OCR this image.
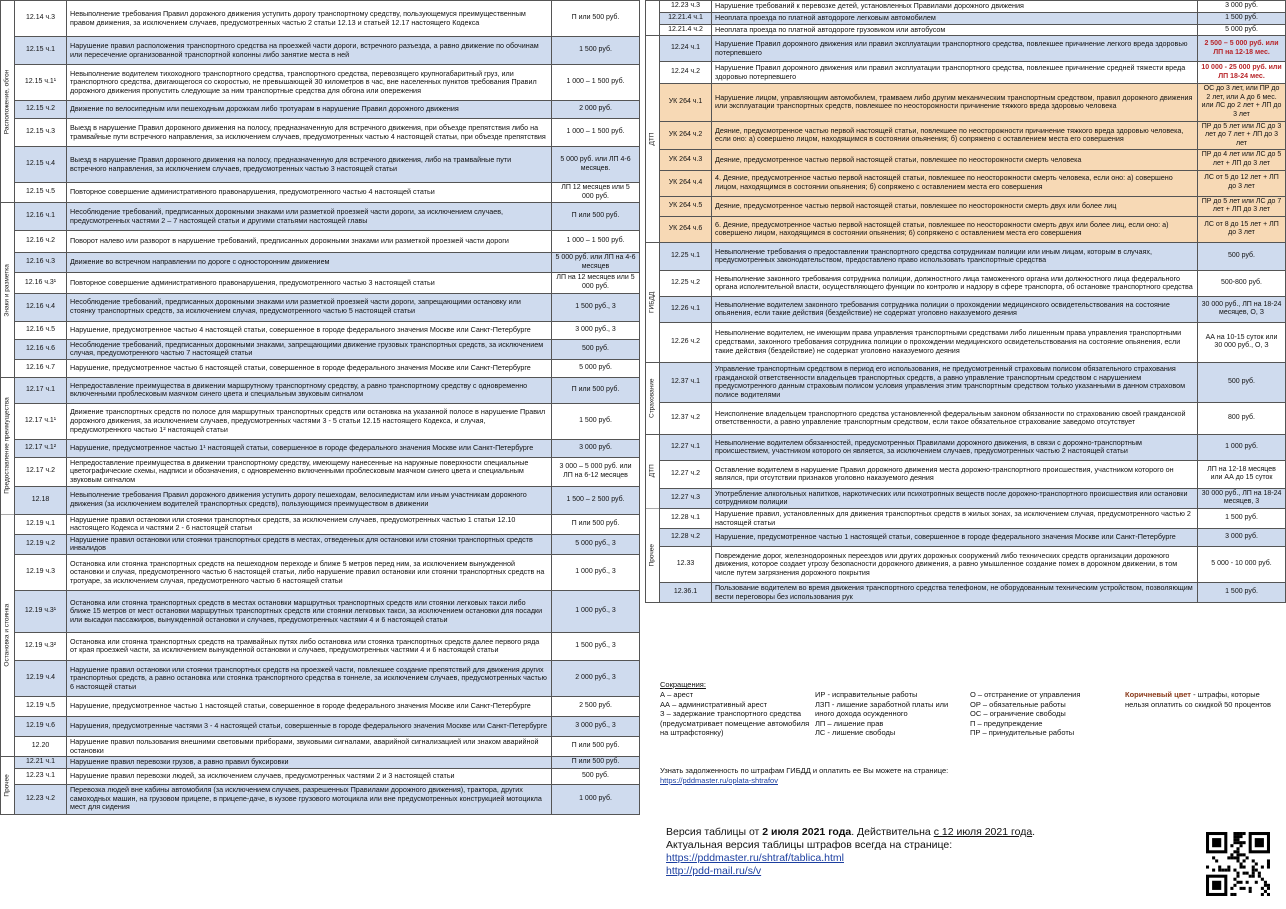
Расположение, обгон	12.14 ч.3	Невыполнение требования Правил дорожного движения уступить дорогу транспортному средству, пользующемуся преимущественным правом движения, за исключением случаев, предусмотренных частью 2 статьи 12.13 и статьей 12.17 настоящего Кодекса	П или 500 руб.
	12.15 ч.1	Нарушение правил расположения транспортного средства на проезжей части дороги, встречного разъезда, а равно движение по обочинам или пересечение организованной транспортной колонны либо занятие места в ней	1 500 руб.
	12.15 ч.1¹	Невыполнение водителем тихоходного транспортного средства, транспортного средства, перевозящего крупногабаритный груз, или транспортного средства, двигающегося со скоростью, не превышающей 30 километров в час, вне населенных пунктов требования Правил дорожного движения пропустить следующие за ним транспортные средства для обгона или опережения	1 000 – 1 500 руб.
	12.15 ч.2	Движение по велосипедным или пешеходным дорожкам либо тротуарам в нарушение Правил дорожного движения	2 000 руб.
	12.15 ч.3	Выезд в нарушение Правил дорожного движения на полосу, предназначенную для встречного движения, при объезде препятствия либо на трамвайные пути встречного направления, за исключением случаев, предусмотренных частью 4 настоящей статьи, при объезде препятствия	1 000 – 1 500 руб.
	12.15 ч.4	Выезд в нарушение Правил дорожного движения на полосу, предназначенную для встречного движения, либо на трамвайные пути встречного направления, за исключением случаев, предусмотренных частью 3 настоящей статьи	5 000 руб. или ЛП 4-6 месяцев.
	12.15 ч.5	Повторное совершение административного правонарушения, предусмотренного частью 4 настоящей статьи	ЛП 12 месяцев или 5 000 руб.
Знаки и разметка	12.16 ч.1	Несоблюдение требований, предписанных дорожными знаками или разметкой проезжей части дороги, за исключением случаев, предусмотренных частями 2 – 7 настоящей статьи и другими статьями настоящей главы	П или 500 руб.
	12.16 ч.2	Поворот налево или разворот в нарушение требований, предписанных дорожными знаками или разметкой проезжей части дороги	1 000 – 1 500 руб.
	12.16 ч.3	Движение во встречном направлении по дороге с односторонним движением	5 000 руб. или ЛП на 4-6 месяцев
	12.16 ч.3¹	Повторное совершение административного правонарушения, предусмотренного частью 3 настоящей статьи	ЛП на 12 месяцев или 5 000 руб.
	12.16 ч.4	Несоблюдение требований, предписанных дорожными знаками или разметкой проезжей части дороги, запрещающими остановку или стоянку транспортных средств, за исключением случая, предусмотренного частью 5 настоящей статьи	1 500 руб., 3
	12.16 ч.5	Нарушение, предусмотренное частью 4 настоящей статьи, совершенное в городе федерального значения Москве или Санкт-Петербурге	3 000 руб., 3
	12.16 ч.6	Несоблюдение требований, предписанных дорожными знаками, запрещающими движение грузовых транспортных средств, за исключением случая, предусмотренного частью 7 настоящей статьи	500 руб.
	12.16 ч.7	Нарушение, предусмотренное частью 6 настоящей статьи, совершенное в городе федерального значения Москве или Санкт-Петербурге	5 000 руб.
Предоставление преимущества	12.17 ч.1	Непредоставление преимущества в движении маршрутному транспортному средству, а равно транспортному средству с одновременно включенными проблесковым маячком синего цвета и специальным звуковым сигналом	П или 500 руб.
	12.17 ч.1¹	Движение транспортных средств по полосе для маршрутных транспортных средств или остановка на указанной полосе в нарушение Правил дорожного движения, за исключением случаев, предусмотренных частями 3 - 5 статьи 12.15 настоящего Кодекса, и случая, предусмотренного частью 1² настоящей статьи	1 500 руб.
	12.17 ч.1²	Нарушение, предусмотренное частью 1¹ настоящей статьи, совершенное в городе федерального значения Москве или Санкт-Петербурге	3 000 руб.
	12.17 ч.2	Непредоставление преимущества в движении транспортному средству, имеющему нанесенные на наружные поверхности специальные цветографические схемы, надписи и обозначения, с одновременно включенными проблесковым маячком синего цвета и специальным звуковым сигналом	3 000 – 5 000 руб. или ЛП на 6-12 месяцев
	12.18	Невыполнение требования Правил дорожного движения уступить дорогу пешеходам, велосипедистам или иным участникам дорожного движения (за исключением водителей транспортных средств), пользующимся преимуществом в движении	1 500 – 2 500 руб.
Остановка и стоянка	12.19 ч.1	Нарушение правил остановки или стоянки транспортных средств, за исключением случаев, предусмотренных частью 1 статьи 12.10 настоящего Кодекса и частями 2 - 6 настоящей статьи	П или 500 руб.
	12.19 ч.2	Нарушение правил остановки или стоянки транспортных средств в местах, отведенных для остановки или стоянки транспортных средств инвалидов	5 000 руб., 3
	12.19 ч.3	Остановка или стоянка транспортных средств на пешеходном переходе и ближе 5 метров перед ним, за исключением вынужденной остановки и случая, предусмотренного частью 6 настоящей статьи, либо нарушение правил остановки или стоянки транспортных средств на тротуаре, за исключением случая, предусмотренного частью 6 настоящей статьи	1 000 руб., 3
	12.19 ч.3¹	Остановка или стоянка транспортных средств в местах остановки маршрутных транспортных средств или стоянки легковых такси либо ближе 15 метров от мест остановки маршрутных транспортных средств или стоянки легковых такси, за исключением остановки для посадки или высадки пассажиров, вынужденной остановки и случаев, предусмотренных частями 4 и 6 настоящей статьи	1 000 руб., 3
	12.19 ч.3²	Остановка или стоянка транспортных средств на трамвайных путях либо остановка или стоянка транспортных средств далее первого ряда от края проезжей части, за исключением вынужденной остановки и случаев, предусмотренных частями 4 и 6 настоящей статьи	1 500 руб., 3
	12.19 ч.4	Нарушение правил остановки или стоянки транспортных средств на проезжей части, повлекшее создание препятствий для движения других транспортных средств, а равно остановка или стоянка транспортного средства в тоннеле, за исключением случаев, предусмотренных частью 6 настоящей статьи	2 000 руб., 3
	12.19 ч.5	Нарушение, предусмотренное частью 1 настоящей статьи, совершенное в городе федерального значения Москве или Санкт-Петербурге	2 500 руб.
	12.19 ч.6	Нарушения, предусмотренные частями 3 - 4 настоящей статьи, совершенные в городе федерального значения Москве или Санкт-Петербурге	3 000 руб., 3
	12.20	Нарушение правил пользования внешними световыми приборами, звуковыми сигналами, аварийной сигнализацией или знаком аварийной остановки	П или 500 руб.
Прочее	12.21 ч.1	Нарушение правил перевозки грузов, а равно правил буксировки	П или 500 руб.
	12.23 ч.1	Нарушение правил перевозки людей, за исключением случаев, предусмотренных частями 2 и 3 настоящей статьи	500 руб.
	12.23 ч.2	Перевозка людей вне кабины автомобиля (за исключением случаев, разрешенных Правилами дорожного движения), трактора, других самоходных машин, на грузовом прицепе, в прицепе-даче, в кузове грузового мотоцикла или вне предусмотренных конструкцией мотоцикла мест для сидения	1 000 руб.
	12.23 ч.3	Нарушение требований к перевозке детей, установленных Правилами дорожного движения	3 000 руб.
	12.21.4 ч.1	Неоплата проезда по платной автодороге легковым автомобилем	1 500 руб.
	12.21.4 ч.2	Неоплата проезда по платной автодороге грузовиком или автобусом	5 000 руб.
ДТП	12.24 ч.1	Нарушение Правил дорожного движения или правил эксплуатации транспортного средства, повлекшее причинение легкого вреда здоровью потерпевшего	2 500 – 5 000 руб. или ЛП на 12-18 мес.
	12.24 ч.2	Нарушение Правил дорожного движения или правил эксплуатации транспортного средства, повлекшее причинение средней тяжести вреда здоровью потерпевшего	10 000 - 25 000 руб. или ЛП 18-24 мес.
	УК 264 ч.1	Нарушение лицом, управляющим автомобилем, трамваем либо другим механическим транспортным средством, правил дорожного движения или эксплуатации транспортных средств, повлекшее по неосторожности причинение тяжкого вреда здоровью человека	ОС до 3 лет, или ПР до 2 лет, или А до 6 мес. или ЛС до 2 лет + ЛП до 3 лет
	УК 264 ч.2	Деяние, предусмотренное частью первой настоящей статьи, повлекшее по неосторожности причинение тяжкого вреда здоровью человека, если оно: а) совершено лицом, находящимся в состоянии опьянения; б) сопряжено с оставлением места его совершения	ПР до 5 лет или ЛС до 3 лет до 7 лет + ЛП до 3 лет
	УК 264 ч.3	Деяние, предусмотренное частью первой настоящей статьи, повлекшее по неосторожности смерть человека	ПР до 4 лет или ЛС до 5 лет + ЛП до 3 лет
	УК 264 ч.4	4. Деяние, предусмотренное частью первой настоящей статьи, повлекшее по неосторожности смерть человека, если оно: а) совершено лицом, находящимся в состоянии опьянения; б) сопряжено с оставлением места его совершения	ЛС от 5 до 12 лет + ЛП до 3 лет
	УК 264 ч.5	Деяние, предусмотренное частью первой настоящей статьи, повлекшее по неосторожности смерть двух или более лиц	ПР до 5 лет или ЛС до 7 лет + ЛП до 3 лет
	УК 264 ч.6	6. Деяние, предусмотренное частью первой настоящей статьи, повлекшее по неосторожности смерть двух или более лиц, если оно: а) совершено лицом, находящимся в состоянии опьянения; 6) сопряжено с оставлением места его совершения	ЛС от 8 до 15 лет + ЛП до 3 лет
ГИБДД	12.25 ч.1	Невыполнение требования о предоставлении транспортного средства сотрудникам полиции или иным лицам, которым в случаях, предусмотренных законодательством, предоставлено право использовать транспортные средства	500 руб.
	12.25 ч.2	Невыполнение законного требования сотрудника полиции, должностного лица таможенного органа или должностного лица федерального органа исполнительной власти, осуществляющего функции по контролю и надзору в сфере транспорта, об остановке транспортного средства	500-800 руб.
	12.26 ч.1	Невыполнение водителем законного требования сотрудника полиции о прохождении медицинского освидетельствования на состояние опьянения, если такие действия (бездействие) не содержат уголовно наказуемого деяния	30 000 руб., ЛП на 18-24 месяцев, О, З
	12.26 ч.2	Невыполнение водителем, не имеющим права управления транспортными средствами либо лишенным права управления транспортными средствами, законного требования сотрудника полиции о прохождении медицинского освидетельствования на состояние опьянения, если такие действия (бездействие) не содержат уголовно наказуемого деяния	АА на 10-15 суток или 30 000 руб., О, З
Страхование	12.37 ч.1	Управление транспортным средством в период его использования, не предусмотренный страховым полисом обязательного страхования гражданской ответственности владельцев транспортных средств, а равно управление транспортным средством с нарушением предусмотренного данным страховым полисом условия управления этим транспортным средством только указанными в данном страховом полисе водителями	500 руб.
	12.37 ч.2	Неисполнение владельцем транспортного средства установленной федеральным законом обязанности по страхованию своей гражданской ответственности, а равно управление транспортным средством, если такое обязательное страхование заведомо отсутствует	800 руб.
ДТП	12.27 ч.1	Невыполнение водителем обязанностей, предусмотренных Правилами дорожного движения, в связи с дорожно-транспортным происшествием, участником которого он является, за исключением случаев, предусмотренных частью 2 настоящей статьи	1 000 руб.
	12.27 ч.2	Оставление водителем в нарушение Правил дорожного движения места дорожно-транспортного происшествия, участником которого он являлся, при отсутствии признаков уголовно наказуемого деяния	ЛП на 12-18 месяцев или АА до 15 суток
	12.27 ч.3	Употребление алкогольных напитков, наркотических или психотропных веществ после дорожно-транспортного происшествия или остановки сотрудником полиции	30 000 руб., ЛП на 18-24 месяцев, 3
Прочее	12.28 ч.1	Нарушение правил, установленных для движения транспортных средств в жилых зонах, за исключением случая, предусмотренного частью 2 настоящей статьи	1 500 руб.
	12.28 ч.2	Нарушение, предусмотренное частью 1 настоящей статьи, совершенное в городе федерального значения Москве или Санкт-Петербурге	3 000 руб.
	12.33	Повреждение дорог, железнодорожных переездов или других дорожных сооружений либо технических средств организации дорожного движения, которое создает угрозу безопасности дорожного движения, а равно умышленное создание помех в дорожном движении, в том числе путем загрязнения дорожного покрытия	5 000 - 10 000 руб.
	12.36.1	Пользование водителем во время движения транспортного средства телефоном, не оборудованным техническим устройством, позволяющим вести переговоры без использования рук	1 500 руб.
Сокращения:
А – арест
АА – административный арест
З – задержание транспортного средства (предусматривает помещение автомобиля на штрафстоянку)
ИР - исправительные работы
ЛЗП - лишение заработной платы или иного дохода осужденного
ЛП – лишение прав
ЛС - лишение свободы
О – отстранение от управления
ОР – обязательные работы
ОС – ограничение свободы
П – предупреждение
ПР – принудительные работы
Коричневый цвет - штрафы, которые нельзя оплатить со скидкой 50 процентов
Узнать задолженность по штрафам ГИБДД и оплатить ее Вы можете на странице:
https://pddmaster.ru/oplata-shtrafov
Версия таблицы от 2 июля 2021 года. Действительна с 12 июля 2021 года.
Актуальная версия таблицы штрафов всегда на странице:
https://pddmaster.ru/shtraf/tablica.html
http://pdd-mail.ru/s/v
